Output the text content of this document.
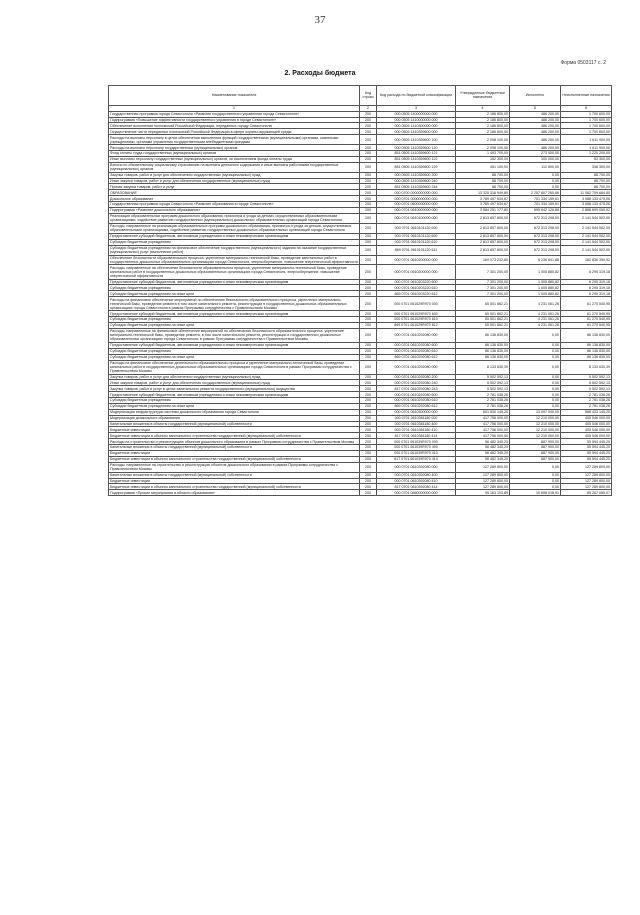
37
Форма 0503117 с. 2
2. Расходы бюджета
Наименование показателя	Код строки	Код расхода по бюджетной классификации	Утвержденные бюджетные назначения	Исполнено	Неисполненные назначения
1	2	3	4	5	6
Государственная программа города Севастополя «Развитие государственного управления города Севастополя»	200	000 0505 1400000000 000	2 186 800,00	486 200,00	1 700 600,00
Подпрограмма «Повышение эффективности государственного управления в городе Севастополе»	200	000 0505 1410000000 000	2 186 800,00	486 200,00	1 700 600,00
Обеспечение исполнения полномочий Российской Федерации, переданных городу Севастополю	200	000 0505 1410300000 000	2 186 800,00	486 200,00	1 700 600,00
Осуществление части переданных полномочий Российской Федерации в сфере охраны окружающей среды	200	000 0505 1410359600 000	2 186 800,00	486 200,00	1 700 600,00
Расходы на выплаты персоналу в целях обеспечения выполнения функций государственными (муниципальными) органами, казенными учреждениями, органами управления государственными внебюджетными фондами	200	000 0505 1410359600 100	2 098 100,00	486 200,00	1 611 900,00
Расходы на выплаты персоналу государственных (муниципальных) органов	200	000 0505 1410359600 120	2 098 100,00	486 200,00	1 611 900,00
Фонд оплаты труда государственных (муниципальных) органов	200	851 0505 1410359600 121	1 493 700,00	273 500,00	1 220 200,00
Иные выплаты персоналу государственных (муниципальных) органов, за исключением фонда оплаты труда	200	851 0505 1410359600 122	152 300,00	100 000,00	53 300,00
Взносы по обязательному социальному страхованию на выплаты денежного содержания и иные выплаты работникам государственных (муниципальных) органов	200	851 0505 1410359600 129	451 100,00	112 800,00	338 300,00
Закупка товаров, работ и услуг для обеспечения государственных (муниципальных) нужд	200	000 0505 1410359600 200	88 700,00	0,00	88 700,00
Иные закупки товаров, работ и услуг для обеспечения государственных (муниципальных) нужд	200	000 0505 1410359600 240	88 700,00	0,00	88 700,00
Прочая закупка товаров, работ и услуг	200	851 0505 1410359600 244	88 700,00	0,00	88 700,00
ОБРАЗОВАНИЕ	200	000 0700 0000000000 000	13 320 316 949,80	2 257 607 265,86	11 062 709 684,80
Дошкольное образование	200	000 0701 0000000000 000	3 789 497 634,67	701 334 159,61	3 088 133 475,06
Государственная программа города Севастополя «Развитие образования в городе Севастополе»	200	000 0701 0600000000 000	3 789 497 634,67	701 334 159,61	3 088 133 475,06
Подпрограмма «Развитие дошкольного образования»	200	000 0701 0610000000 000	3 584 251 177,80	695 642 126,88	2 888 609 050,92
Реализация образовательных программ дошкольного образования, присмотра и ухода за детьми, осуществляемых образовательными организациями, содействие развитию государственных (муниципальных) дошкольных образовательных организаций города Севастополя	200	000 0701 0610100000 000	2 813 857 800,00	672 313 298,00	2 141 544 502,00
Расходы, направленные на реализацию образовательных программ дошкольного образования, присмотра и ухода за детьми, осуществляемых образовательными организациями, содействие развитию государственных дошкольных образовательных организаций города Севастополя	200	000 0701 0610101120 000	2 813 857 800,00	672 313 298,00	2 141 544 502,00
Предоставление субсидий бюджетным, автономным учреждениям и иным некоммерческим организациям	200	000 0701 0610101120 600	2 813 857 800,00	672 313 298,00	2 141 544 502,00
Субсидии бюджетным учреждениям	200	000 0701 0610101120 610	2 813 857 800,00	672 313 298,00	2 141 544 502,00
Субсидии бюджетным учреждениям на финансовое обеспечение государственного (муниципального) задания на оказание государственных (муниципальных) услуг (выполнение работ)	200	869 0701 0610101120 611	2 813 857 800,00	672 313 298,00	2 141 544 502,00
Обеспечение безопасности образовательного процесса, укрепление материально-технической базы, проведение капитальных работ в государственных дошкольных образовательных организациях города Севастополя, энергосбережение, повышение энергетической эффективности	200	000 0701 0610200000 000	169 073 232,80	6 236 841,88	162 836 390,92
Расходы, направленные на обеспечение безопасности образовательного процесса, укрепление материально-технической базы, проведение капитальных работ в государственных дошкольных образовательных организациях города Севастополя, энергосбережение, повышение энергетической эффективности	200	000 0701 0610200000 000	7 301 200,00	1 005 880,82	6 295 319,18
Предоставление субсидий бюджетным, автономным учреждениям и иным некоммерческим организациям	200	000 0701 0610203220 600	7 301 200,00	1 005 880,82	6 295 319,18
Субсидии бюджетным учреждениям	200	000 0701 0610203220 610	7 301 200,00	1 005 880,82	6 295 319,18
Субсидии бюджетным учреждениям на иные цели	200	869 0701 0610203220 612	7 301 200,00	1 005 880,82	6 295 319,18
Расходы на финансовое обеспечение мероприятий по обеспечению безопасности образовательного процесса, укрепление материально-технической базы, проведение ремонта в том числе капитального ремонта, реконструкции в государственных дошкольных образовательных организациях города Севастополя в рамках Программы сотрудничества с Правительством Москвы	200	000 0701 061029R970 000	65 501 862,21	4 231 061,26	61 270 540,95
Предоставление субсидий бюджетным, автономным учреждениям и иным некоммерческим организациям	200	000 0701 061029R970 600	65 501 862,21	4 231 061,26	61 270 540,95
Субсидии бюджетным учреждениям	200	000 0701 061029R970 610	65 501 862,21	4 231 061,26	61 270 540,95
Субсидии бюджетным учреждениям на иные цели	200	869 0701 061029R970 612	65 501 862,21	4 231 061,26	61 270 540,95
Расходы, направленные на финансовое обеспечение мероприятий по обеспечению безопасности образовательного процесса, укрепление материально-технической базы, проведение ремонта, в том числе капитального ремонта, реконструкции в государственных дошкольных образовательных организациях города Севастополя, в рамках Программы сотрудничества с Правительством Москвы	200	000 0701 0610292080 000	86 136 830,00	0,00	86 136 830,00
Предоставление субсидий бюджетным, автономным учреждениям и иным некоммерческим организациям	200	000 0701 0610292080 600	86 136 830,00	0,00	86 136 830,00
Субсидии бюджетным учреждениям	200	000 0701 0610292080 610	86 136 830,00	0,00	86 136 830,00
Субсидии бюджетным учреждениям на иные цели	200	869 0701 0610292080 612	86 136 830,00	0,00	86 136 830,00
Расходы на финансовое обеспечение деятельности образовательного процесса и укрепление материально-технической базы, проведение капитальных работ в государственных дошкольных образовательных организациях города Севастополя в рамках Программы сотрудничества с Правительством Москвы	200	000 0701 0610292080 000	8 133 630,39	0,00	8 133 630,39
Закупка товаров, работ и услуг для обеспечения государственных (муниципальных) нужд	200	000 0701 0610292080 200	5 502 592,13	0,00	5 502 592,13
Иные закупки товаров, работ и услуг для обеспечения государственных (муниципальных) нужд	200	000 0701 0610292080 240	5 502 592,13	0,00	5 502 592,13
Закупка товаров, работ и услуг в целях капитального ремонта государственного (муниципального) имущества	200	817 0701 0610292080 243	5 502 592,13	0,00	5 502 592,13
Предоставление субсидий бюджетным, автономным учреждениям и иным некоммерческим организациям	200	000 0701 0610292080 600	2 781 038,26	0,00	2 781 038,26
Субсидии бюджетным учреждениям	200	000 0701 0610292080 610	2 781 038,26	0,00	2 781 038,26
Субсидии бюджетным учреждениям на иные цели	200	869 0701 0610292080 612	2 781 038,26	0,00	2 781 038,26
Модернизация инфраструктуры системы дошкольного образования города Севастополя	200	000 0701 0610300000 000	601 530 145,20	13 097 000,00	588 433 145,20
Модернизация дошкольного образования	200	000 0701 0610381180 000	417 756 000,00	12 210 000,00	405 546 000,00
Капитальные вложения в объекты государственной (муниципальной) собственности	200	000 0701 0610381180 400	417 756 000,00	12 210 000,00	405 546 000,00
Бюджетные инвестиции	200	000 0701 0610381180 410	417 756 000,00	12 210 000,00	405 546 000,00
Бюджетные инвестиции в объекты капитального строительства государственной (муниципальной) собственности	200	817 0701 0610381180 414	417 756 000,00	12 210 000,00	405 546 000,00
Расходы на строительство и реконструкцию объектов дошкольного образования в рамках Программы сотрудничества с Правительством Москвы	200	000 0701 061039R970 000	56 482 345,20	887 900,00	55 594 445,20
Капитальные вложения в объекты государственной (муниципальной) собственности	200	000 0701 061039R970 400	56 482 345,20	887 900,00	55 594 445,20
Бюджетные инвестиции	200	000 0701 061039R970 410	56 482 345,20	887 900,00	55 594 445,20
Бюджетные инвестиции в объекты капитального строительства государственной (муниципальной) собственности	200	817 0701 061039R970 414	56 482 345,20	887 900,00	55 594 445,20
Расходы, направленные на строительство и реконструкцию объектов дошкольного образования в рамках Программы сотрудничества с Правительством Москвы	200	000 0701 0610392080 000	127 289 800,00	0,00	127 289 800,00
Капитальные вложения в объекты государственной (муниципальной) собственности	200	000 0701 0610392080 400	127 289 800,00	0,00	127 289 800,00
Бюджетные инвестиции	200	000 0701 0610392080 410	127 289 800,00	0,00	127 289 800,00
Бюджетные инвестиции в объекты капитального строительства государственной (муниципальной) собственности	200	817 0701 0610392080 414	127 289 800,00	0,00	127 289 800,00
Подпрограмма «Прочие мероприятия в области образования»	200	000 0701 0660000000 000	95 163 103,89	10 698 018,91	85 267 085,07
